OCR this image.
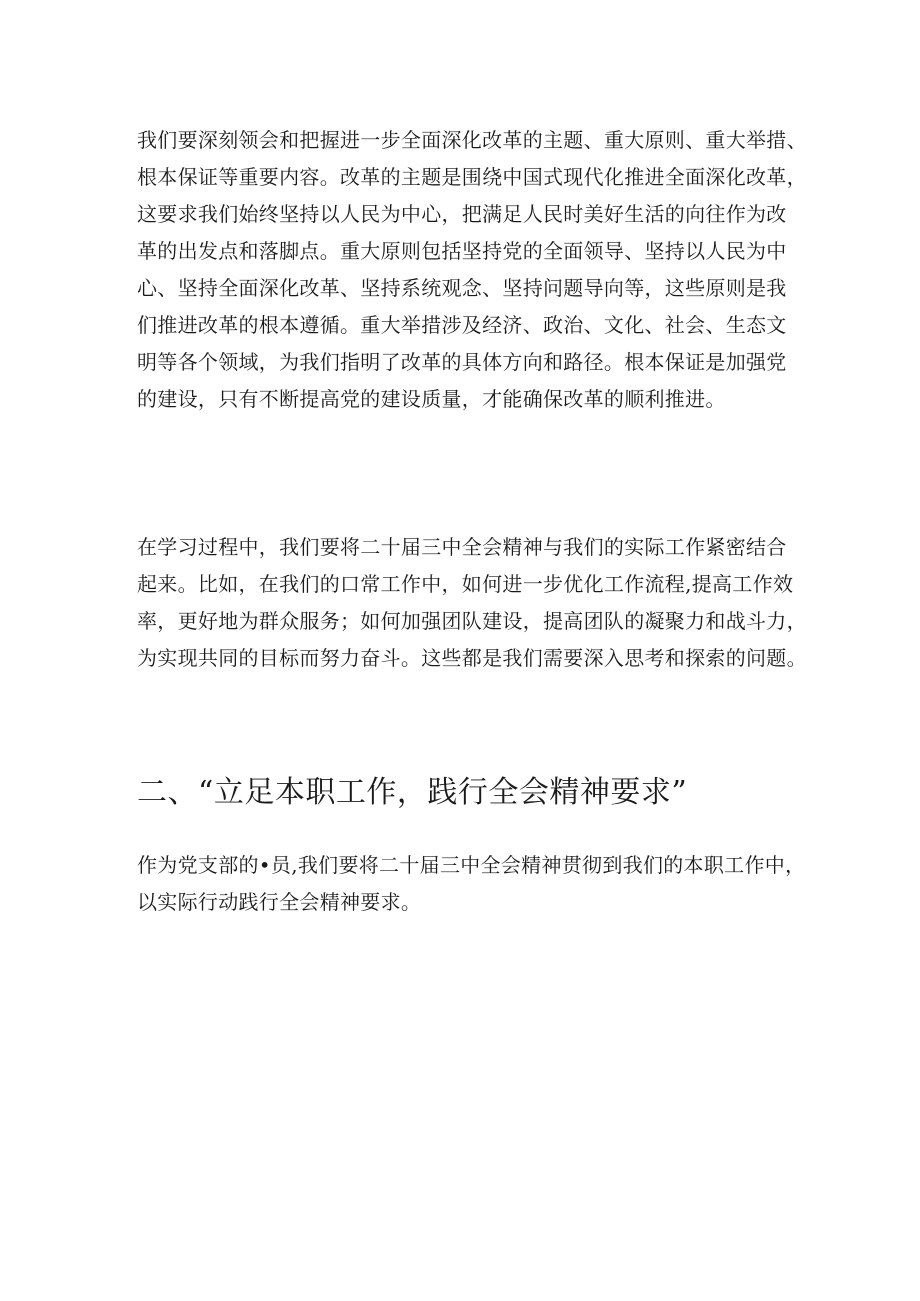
我们要深刻领会和把握进一步全面深化改革的主题、重大原则、重大举措、
根本保证等重要内容。改革的主题是围绕中国式现代化推进全面深化改革，
这要求我们始终坚持以人民为中心，把满足人民时美好生活的向往作为改
革的出发点和落脚点。重大原则包括坚持党的全面领导、坚持以人民为中
心、坚持全面深化改革、坚持系统观念、坚持问题导向等，这些原则是我
们推进改革的根本遵循。重大举措涉及经济、政治、文化、社会、生态文
明等各个领域，为我们指明了改革的具体方向和路径。根本保证是加强党
的建设，只有不断提高党的建设质量，才能确保改革的顺利推进。
在学习过程中，我们要将二十届三中全会精神与我们的实际工作紧密结合
起来。比如，在我们的口常工作中，如何进一步优化工作流程,提高工作效
率，更好地为群众服务；如何加强团队建设，提高团队的凝聚力和战斗力，
为实现共同的目标而努力奋斗。这些都是我们需要深入思考和探索的问题。
二、“立足本职工作，践行全会精神要求”
作为党支部的•员,我们要将二十届三中全会精神贯彻到我们的本职工作中，
以实际行动践行全会精神要求。
